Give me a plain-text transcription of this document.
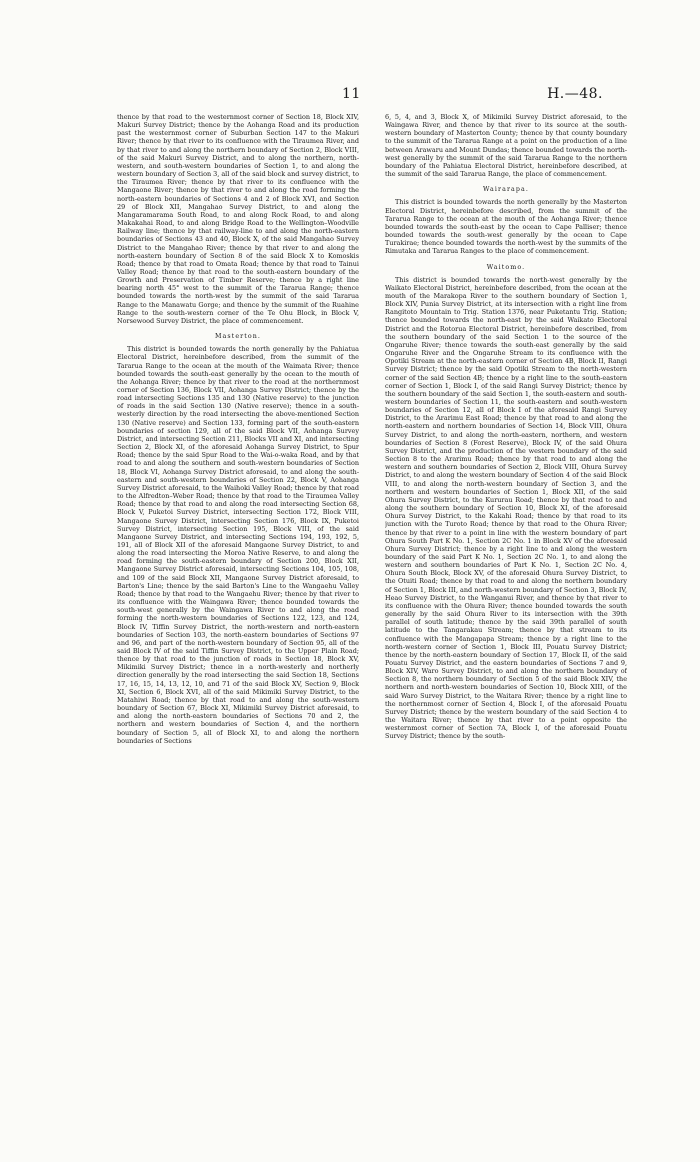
11	H.—48.

thence by that road to the westernmost corner of Section 18, Block XIV, Makuri Survey District; thence by the Aohanga Road and its production past the westernmost corner of Suburban Section 147 to the Makuri River; thence by that river to its confluence with the Tiraumea River, and by that river to and along the northern boundary of Section 2, Block VIII, of the said Makuri Survey District, and to along the northern, north-western, and south-western boundaries of Section 1, to and along the western boundary of Section 3, all of the said block and survey district, to the Tiraumea River; thence by that river to its confluence with the Mangaone River; thence by that river to and along the road forming the north-eastern boundaries of Sections 4 and 2 of Block XVI, and Section 29 of Block XII, Mangahao Survey District, to and along the Mangaramarama South Road, to and along Rock Road, to and along Makakahai Road, to and along Bridge Road to the Wellington–Woodville Railway line; thence by that railway-line to and along the north-eastern boundaries of Sections 43 and 40, Block X, of the said Mangahao Survey District to the Mangahao River; thence by that river to and along the north-eastern boundary of Section 8 of the said Block X to Komoskis Road; thence by that road to Omata Road; thence by that road to Tainui Valley Road; thence by that road to the south-eastern boundary of the Growth and Preservation of Timber Reserve; thence by a right line bearing north 45° west to the summit of the Tararua Range; thence bounded towards the north-west by the summit of the said Tararua Range to the Manawatu Gorge; and thence by the summit of the Ruahine Range to the south-western corner of the Te Ohu Block, in Block V, Norsewood Survey District, the place of commencement.

Masterton.

This district is bounded towards the north generally by the Pahiatua Electoral District, hereinbefore described, from the summit of the Tararua Range to the ocean at the mouth of the Waimata River; thence bounded towards the south-east generally by the ocean to the mouth of the Aohanga River; thence by that river to the road at the northernmost corner of Section 136, Block VII, Aohanga Survey District; thence by the road intersecting Sections 135 and 130 (Native reserve) to the junction of roads in the said Section 130 (Native reserve); thence in a south-westerly direction by the road intersecting the above-mentioned Section 130 (Native reserve) and Section 133, forming part of the south-eastern boundaries of section 129, all of the said Block VII, Aohanga Survey District, and intersecting Section 211, Blocks VII and XI, and intersecting Section 2, Block XI, of the aforesaid Aohanga Survey District, to Spur Road; thence by the said Spur Road to the Wai-o-waka Road, and by that road to and along the southern and south-western boundaries of Section 18, Block VI, Aohanga Survey District aforesaid, to and along the south-eastern and south-western boundaries of Section 22, Block V, Aohanga Survey District aforesaid, to the Waihoki Valley Road; thence by that road to the Alfredton–Weber Road; thence by that road to the Tiraumea Valley Road; thence by that road to and along the road intersecting Section 68, Block V, Puketoi Survey District, intersecting Section 172, Block VIII, Mangaone Survey District, intersecting Section 176, Block IX, Puketoi Survey District, intersecting Section 195, Block VIII, of the said Mangaone Survey District, and intersecting Sections 194, 193, 192, 5, 191, all of Block XII of the aforesaid Mangaone Survey District, to and along the road intersecting the Moroa Native Reserve, to and along the road forming the south-eastern boundary of Section 200, Block XII, Mangaone Survey District aforesaid, intersecting Sections 104, 105, 108, and 109 of the said Block XII, Mangaone Survey District aforesaid, to Barton's Line; thence by the said Barton's Line to the Wangaehu Valley Road; thence by that road to the Wangaehu River; thence by that river to its confluence with the Waingawa River; thence bounded towards the south-west generally by the Waingawa River to and along the road forming the north-western boundaries of Sections 122, 123, and 124, Block IV, Tiffin Survey District, the north-western and north-eastern boundaries of Section 103, the north-eastern boundaries of Sections 97 and 96, and part of the north-western boundary of Section 95, all of the said Block IV of the said Tiffin Survey District, to the Upper Plain Road; thence by that road to the junction of roads in Section 18, Block XV, Mikimiki Survey District; thence in a north-westerly and northerly direction generally by the road intersecting the said Section 18, Sections 17, 16, 15, 14, 13, 12, 10, and 71 of the said Block XV, Section 9, Block XI, Section 6, Block XVI, all of the said Mikimiki Survey District, to the Matahiwi Road; thence by that road to and along the south-western boundary of Section 67, Block XI, Mikimiki Survey District aforesaid, to and along the north-eastern boundaries of Sections 70 and 2, the northern and western boundaries of Section 4, and the northern boundary of Section 5, all of Block XI, to and along the northern boundaries of Sections

6, 5, 4, and 3, Block X, of Mikimiki Survey District aforesaid, to the Waingawa River, and thence by that river to its source at the south-western boundary of Masterton County; thence by that county boundary to the summit of the Tararua Range at a point on the production of a line between Arawaru and Mount Dundas; thence bounded towards the north-west generally by the summit of the said Tararua Range to the northern boundary of the Pahiatua Electoral District, hereinbefore described, at the summit of the said Tararua Range, the place of commencement.

Wairarapa.

This district is bounded towards the north generally by the Masterton Electoral District, hereinbefore described, from the summit of the Tararua Range to the ocean at the mouth of the Aohanga River; thence bounded towards the south-east by the ocean to Cape Palliser; thence bounded towards the south-west generally by the ocean to Cape Turakirae; thence bounded towards the north-west by the summits of the Rimutaka and Tararua Ranges to the place of commencement.

Waitomo.

This district is bounded towards the north-west generally by the Waikato Electoral District, hereinbefore described, from the ocean at the mouth of the Marakopa River to the southern boundary of Section 1, Block XIV, Punia Survey District, at its intersection with a right line from Rangitoto Mountain to Trig. Station 1376, near Puketantu Trig. Station; thence bounded towards the north-east by the said Waikato Electoral District and the Rotorua Electoral District, hereinbefore described, from the southern boundary of the said Section 1 to the source of the Ongaruhe River; thence towards the south-east generally by the said Ongaruhe River and the Ongaruhe Stream to its confluence with the Opotiki Stream at the north-eastern corner of Section 4B, Block II, Rangi Survey District; thence by the said Opotiki Stream to the north-western corner of the said Section 4B; thence by a right line to the south-eastern corner of Section 1, Block I, of the said Rangi Survey District; thence by the southern boundary of the said Section 1, the south-eastern and south-western boundaries of Section 11, the south-eastern and south-western boundaries of Section 12, all of Block I of the aforesaid Rangi Survey District, to the Ararimu East Road; thence by that road to and along the north-eastern and northern boundaries of Section 14, Block VIII, Ohura Survey District, to and along the north-eastern, northern, and western boundaries of Section 8 (Forest Reserve), Block IV, of the said Ohura Survey District, and the production of the western boundary of the said Section 8 to the Ararimu Road; thence by that road to and along the western and southern boundaries of Section 2, Block VIII, Ohura Survey District, to and along the western boundary of Section 4 of the said Block VIII, to and along the north-western boundary of Section 3, and the northern and western boundaries of Section 1, Block XII, of the said Ohura Survey District, to the Kururau Road; thence by that road to and along the southern boundary of Section 10, Block XI, of the aforesaid Ohura Survey District, to the Kakahi Road; thence by that road to its junction with the Turoto Road; thence by that road to the Ohura River; thence by that river to a point in line with the western boundary of part Ohura South Part K No. 1, Section 2C No. 1 in Block XV of the aforesaid Ohura Survey District; thence by a right line to and along the western boundary of the said Part K No. 1, Section 2C No. 1, to and along the western and southern boundaries of Part K No. 1, Section 2C No. 4, Ohura South Block, Block XV, of the aforesaid Ohura Survey District, to the Otuiti Road; thence by that road to and along the northern boundary of Section 1, Block III, and north-western boundary of Section 3, Block IV, Heao Survey District, to the Wanganui River, and thence by that river to its confluence with the Ohura River; thence bounded towards the south generally by the said Ohura River to its intersection with the 39th parallel of south latitude; thence by the said 39th parallel of south latitude to the Tangarakau Stream; thence by that stream to its confluence with the Mangapapa Stream; thence by a right line to the north-western corner of Section 1, Block III, Pouatu Survey District; thence by the north-eastern boundary of Section 17, Block II, of the said Pouatu Survey District, and the eastern boundaries of Sections 7 and 9, Block XIV, Waro Survey District, to and along the northern boundary of Section 8, the northern boundary of Section 5 of the said Block XIV, the northern and north-western boundaries of Section 10, Block XIII, of the said Waro Survey District, to the Waitara River; thence by a right line to the northernmost corner of Section 4, Block I, of the aforesaid Pouatu Survey District; thence by the western boundary of the said Section 4 to the Waitara River; thence by that river to a point opposite the westernmost corner of Section 7A, Block I, of the aforesaid Pouatu Survey District; thence by the south-
